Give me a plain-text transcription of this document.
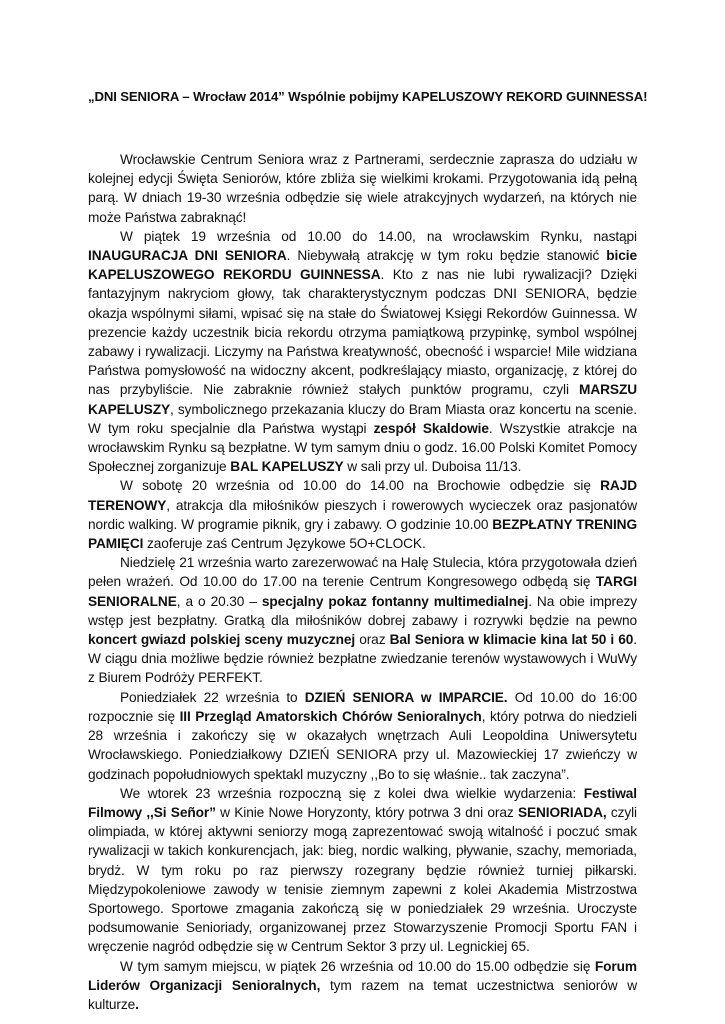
„DNI SENIORA – Wrocław 2014” Wspólnie pobijmy KAPELUSZOWY REKORD GUINNESSA!

Wrocławskie Centrum Seniora wraz z Partnerami, serdecznie zaprasza do udziału w kolejnej edycji Święta Seniorów, które zbliża się wielkimi krokami. Przygotowania idą pełną parą. W dniach 19-30 września odbędzie się wiele atrakcyjnych wydarzeń, na których nie może Państwa zabraknąć!

W piątek 19 września od 10.00 do 14.00, na wrocławskim Rynku, nastąpi INAUGURACJA DNI SENIORA. Niebywałą atrakcję w tym roku będzie stanowić bicie KAPELUSZOWEGO REKORDU GUINNESSA. Kto z nas nie lubi rywalizacji? Dzięki fantazyjnym nakryciom głowy, tak charakterystycznym podczas DNI SENIORA, będzie okazja wspólnymi siłami, wpisać się na stałe do Światowej Księgi Rekordów Guinnessa. W prezencie każdy uczestnik bicia rekordu otrzyma pamiątkową przypinkę, symbol wspólnej zabawy i rywalizacji. Liczymy na Państwa kreatywność, obecność i wsparcie! Mile widziana Państwa pomysłowość na widoczny akcent, podkreślający miasto, organizację, z której do nas przybyliście. Nie zabraknie również stałych punktów programu, czyli MARSZU KAPELUSZY, symbolicznego przekazania kluczy do Bram Miasta oraz koncertu na scenie. W tym roku specjalnie dla Państwa wystąpi zespół Skaldowie. Wszystkie atrakcje na wrocławskim Rynku są bezpłatne. W tym samym dniu o godz. 16.00 Polski Komitet Pomocy Społecznej zorganizuje BAL KAPELUSZY w sali przy ul. Duboisa 11/13.

W sobotę 20 września od 10.00 do 14.00 na Brochowie odbędzie się RAJD TERENOWY, atrakcja dla miłośników pieszych i rowerowych wycieczek oraz pasjonatów nordic walking. W programie piknik, gry i zabawy. O godzinie 10.00 BEZPŁATNY TRENING PAMIĘCI zaoferuje zaś Centrum Językowe 5O+CLOCK.

Niedzielę 21 września warto zarezerwować na Halę Stulecia, która przygotowała dzień pełen wrażeń. Od 10.00 do 17.00 na terenie Centrum Kongresowego odbędą się TARGI SENIORALNE, a o 20.30 – specjalny pokaz fontanny multimedialnej. Na obie imprezy wstęp jest bezpłatny. Gratką dla miłośników dobrej zabawy i rozrywki będzie na pewno koncert gwiazd polskiej sceny muzycznej oraz Bal Seniora w klimacie kina lat 50 i 60. W ciągu dnia możliwe będzie również bezpłatne zwiedzanie terenów wystawowych i WuWy z Biurem Podróży PERFEKT.

Poniedziałek 22 września to DZIEŃ SENIORA w IMPARCIE. Od 10.00 do 16:00 rozpocznie się III Przegląd Amatorskich Chórów Senioralnych, który potrwa do niedzieli 28 września i zakończy się w okazałych wnętrzach Auli Leopoldina Uniwersytetu Wrocławskiego. Poniedziałkowy DZIEŃ SENIORA przy ul. Mazowieckiej 17 zwieńczy w godzinach popołudniowych spektakl muzyczny ,,Bo to się właśnie.. tak zaczyna”.

We wtorek 23 września rozpoczną się z kolei dwa wielkie wydarzenia: Festiwal Filmowy ,,Si Señor” w Kinie Nowe Horyzonty, który potrwa 3 dni oraz SENIORIADA, czyli olimpiada, w której aktywni seniorzy mogą zaprezentować swoją witalność i poczuć smak rywalizacji w takich konkurencjach, jak: bieg, nordic walking, pływanie, szachy, memoriada, brydż. W tym roku po raz pierwszy rozegrany będzie również turniej piłkarski. Międzypokoleniowe zawody w tenisie ziemnym zapewni z kolei Akademia Mistrzostwa Sportowego. Sportowe zmagania zakończą się w poniedziałek 29 września. Uroczyste podsumowanie Senioriady, organizowanej przez Stowarzyszenie Promocji Sportu FAN i wręczenie nagród odbędzie się w Centrum Sektor 3 przy ul. Legnickiej 65.

W tym samym miejscu, w piątek 26 września od 10.00 do 15.00 odbędzie się Forum Liderów Organizacji Senioralnych, tym razem na temat uczestnictwa seniorów w kulturze.
